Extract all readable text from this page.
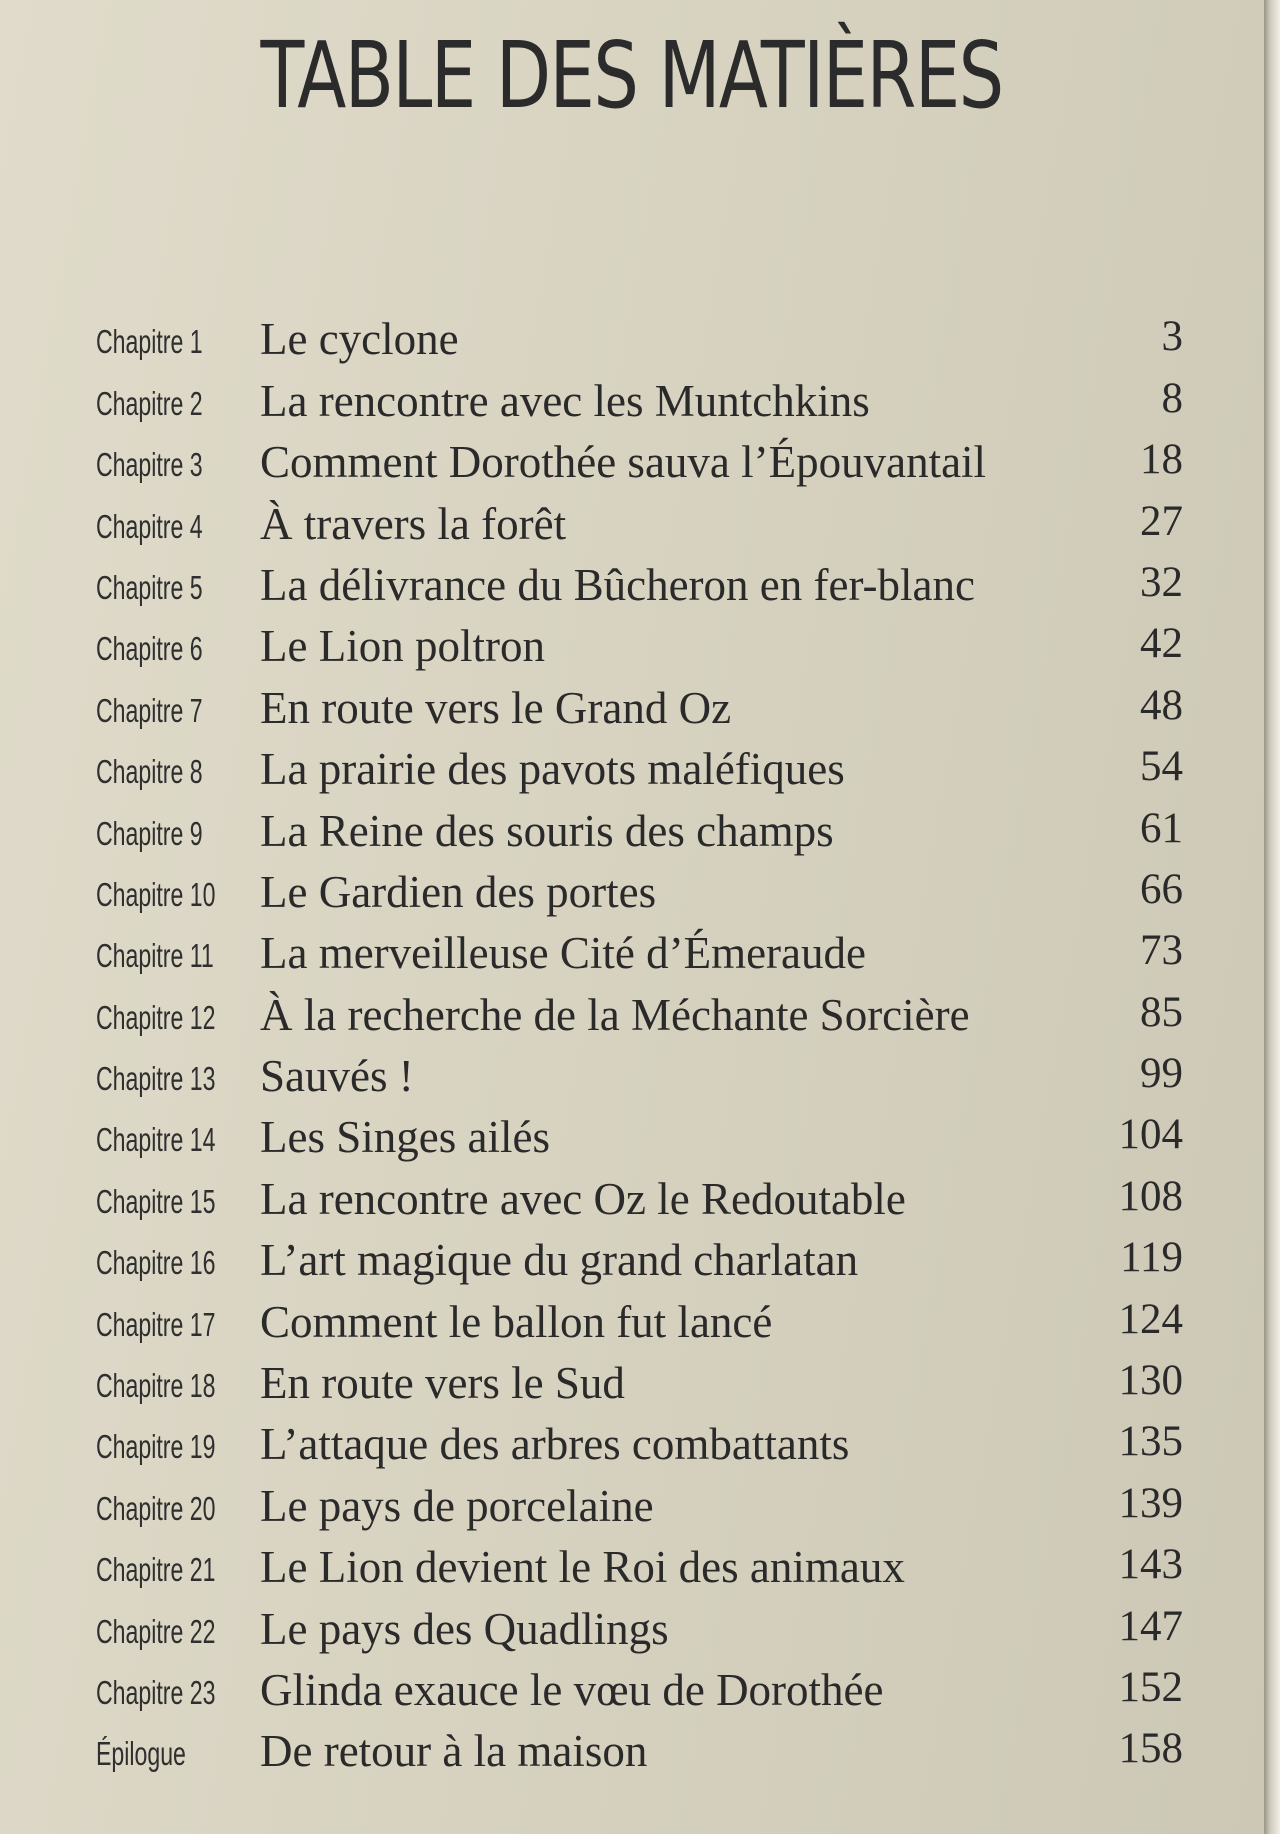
TABLE DES MATIÈRES
Chapitre 1 Le cyclone	3
Chapitre 2 La rencontre avec les Muntchkins	8
Chapitre 3 Comment Dorothée sauva l’Épouvantail	18
Chapitre 4 À travers la forêt	27
Chapitre 5 La délivrance du Bûcheron en fer-blanc	32
Chapitre 6 Le Lion poltron	42
Chapitre 7 En route vers le Grand Oz	48
Chapitre 8 La prairie des pavots maléfiques	54
Chapitre 9 La Reine des souris des champs	61
Chapitre 10 Le Gardien des portes	66
Chapitre 11 La merveilleuse Cité d’Émeraude	73
Chapitre 12 À la recherche de la Méchante Sorcière	85
Chapitre 13 Sauvés !	99
Chapitre 14 Les Singes ailés	104
Chapitre 15 La rencontre avec Oz le Redoutable	108
Chapitre 16 L’art magique du grand charlatan	119
Chapitre 17 Comment le ballon fut lancé	124
Chapitre 18 En route vers le Sud	130
Chapitre 19 L’attaque des arbres combattants	135
Chapitre 20 Le pays de porcelaine	139
Chapitre 21 Le Lion devient le Roi des animaux	143
Chapitre 22 Le pays des Quadlings	147
Chapitre 23 Glinda exauce le vœu de Dorothée	152
Épilogue De retour à la maison	158
